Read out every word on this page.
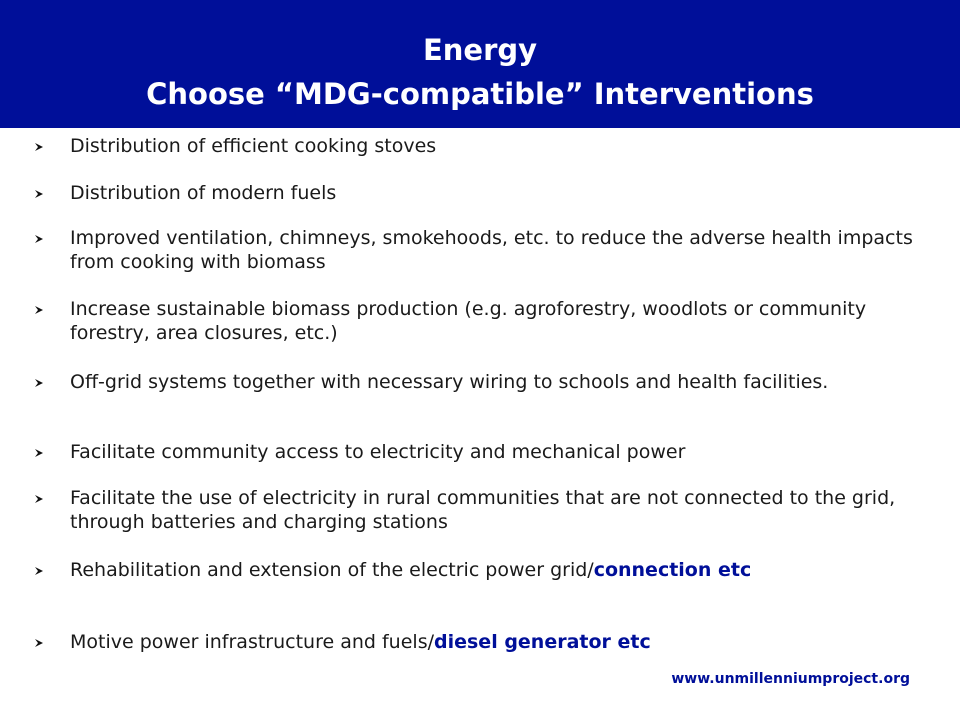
Energy
Choose “MDG-compatible” Interventions
Distribution of efficient cooking stoves
Distribution of modern fuels
Improved ventilation, chimneys, smokehoods, etc. to reduce the adverse health impacts from cooking with biomass
Increase sustainable biomass production (e.g. agroforestry, woodlots or community forestry, area closures, etc.)
Off-grid systems together with necessary wiring to schools and health facilities.
Facilitate community access to electricity and mechanical power
Facilitate the use of electricity in rural communities that are not connected to the grid, through batteries and charging stations
Rehabilitation and extension of the electric power grid/connection etc
Motive power infrastructure and fuels/diesel generator etc
www.unmillenniumproject.org
